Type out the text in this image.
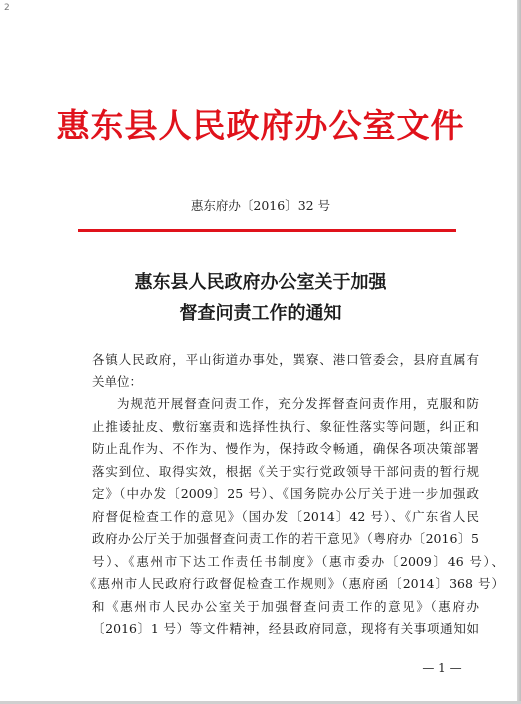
2
惠东县人民政府办公室文件
惠东府办〔2016〕32 号
惠东县人民政府办公室关于加强
督查问责工作的通知
各镇人民政府，平山街道办事处，巽寮、港口管委会，县府直属有
关单位：
为规范开展督查问责工作，充分发挥督查问责作用，克服和防
止推诿扯皮、敷衍塞责和选择性执行、象征性落实等问题，纠正和
防止乱作为、不作为、慢作为，保持政令畅通，确保各项决策部署
落实到位、取得实效，根据《关于实行党政领导干部问责的暂行规
定》（中办发〔2009〕25 号）、《国务院办公厅关于进一步加强政
府督促检查工作的意见》（国办发〔2014〕42 号）、《广东省人民
政府办公厅关于加强督查问责工作的若干意见》（粤府办〔2016〕5
号）、《惠州市下达工作责任书制度》（惠市委办〔2009〕46 号）、
《惠州市人民政府行政督促检查工作规则》（惠府函〔2014〕368 号）
和《惠州市人民办公室关于加强督查问责工作的意见》（惠府办
〔2016〕1 号）等文件精神，经县政府同意，现将有关事项通知如
— 1 —
